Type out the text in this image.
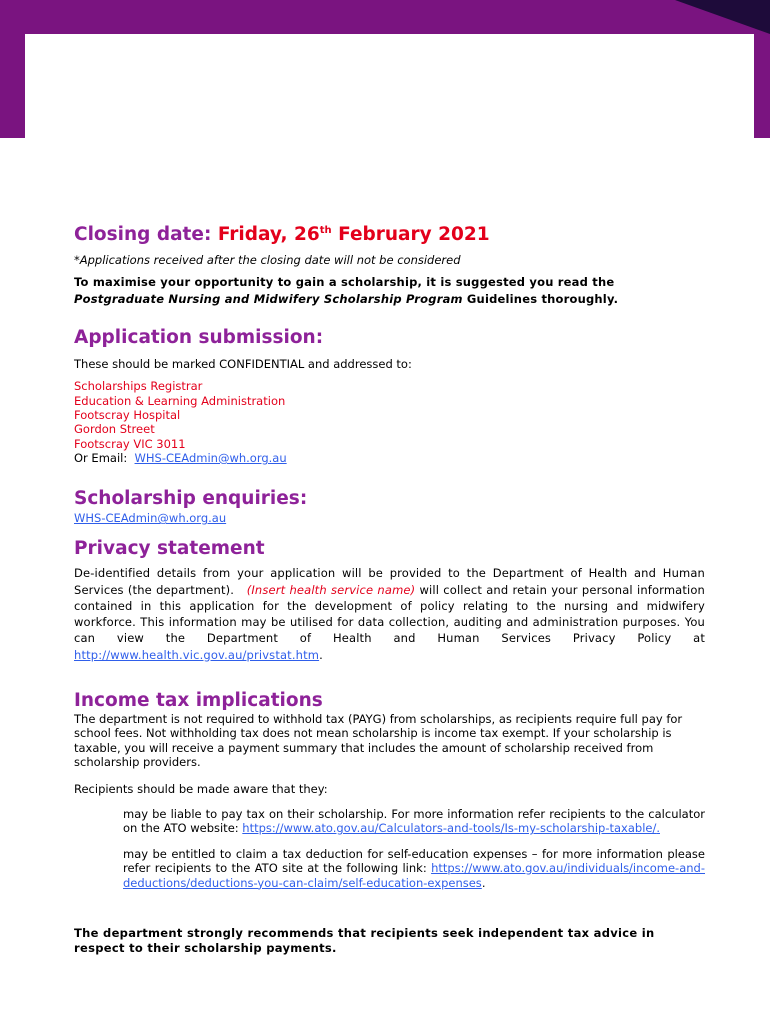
Closing date: Friday, 26th February 2021

*Applications received after the closing date will not be considered

To maximise your opportunity to gain a scholarship, it is suggested you read the Postgraduate Nursing and Midwifery Scholarship Program Guidelines thoroughly.

Application submission:

These should be marked CONFIDENTIAL and addressed to:

Scholarships Registrar

Education & Learning Administration

Footscray Hospital

Gordon Street

Footscray VIC 3011

Or Email: WHS-CEAdmin@wh.org.au

Scholarship enquiries:

WHS-CEAdmin@wh.org.au

Privacy statement

De-identified details from your application will be provided to the Department of Health and Human Services (the department). (Insert health service name) will collect and retain your personal information contained in this application for the development of policy relating to the nursing and midwifery workforce. This information may be utilised for data collection, auditing and administration purposes. You can view the Department of Health and Human Services Privacy Policy at http://www.health.vic.gov.au/privstat.htm.

Income tax implications

The department is not required to withhold tax (PAYG) from scholarships, as recipients require full pay for school fees. Not withholding tax does not mean scholarship is income tax exempt. If your scholarship is taxable, you will receive a payment summary that includes the amount of scholarship received from scholarship providers.

Recipients should be made aware that they:

may be liable to pay tax on their scholarship. For more information refer recipients to the calculator on the ATO website: https://www.ato.gov.au/Calculators-and-tools/Is-my-scholarship-taxable/.
may be entitled to claim a tax deduction for self-education expenses – for more information please refer recipients to the ATO site at the following link: https://www.ato.gov.au/individuals/income-and-deductions/deductions-you-can-claim/self-education-expenses.

The department strongly recommends that recipients seek independent tax advice in respect to their scholarship payments.
